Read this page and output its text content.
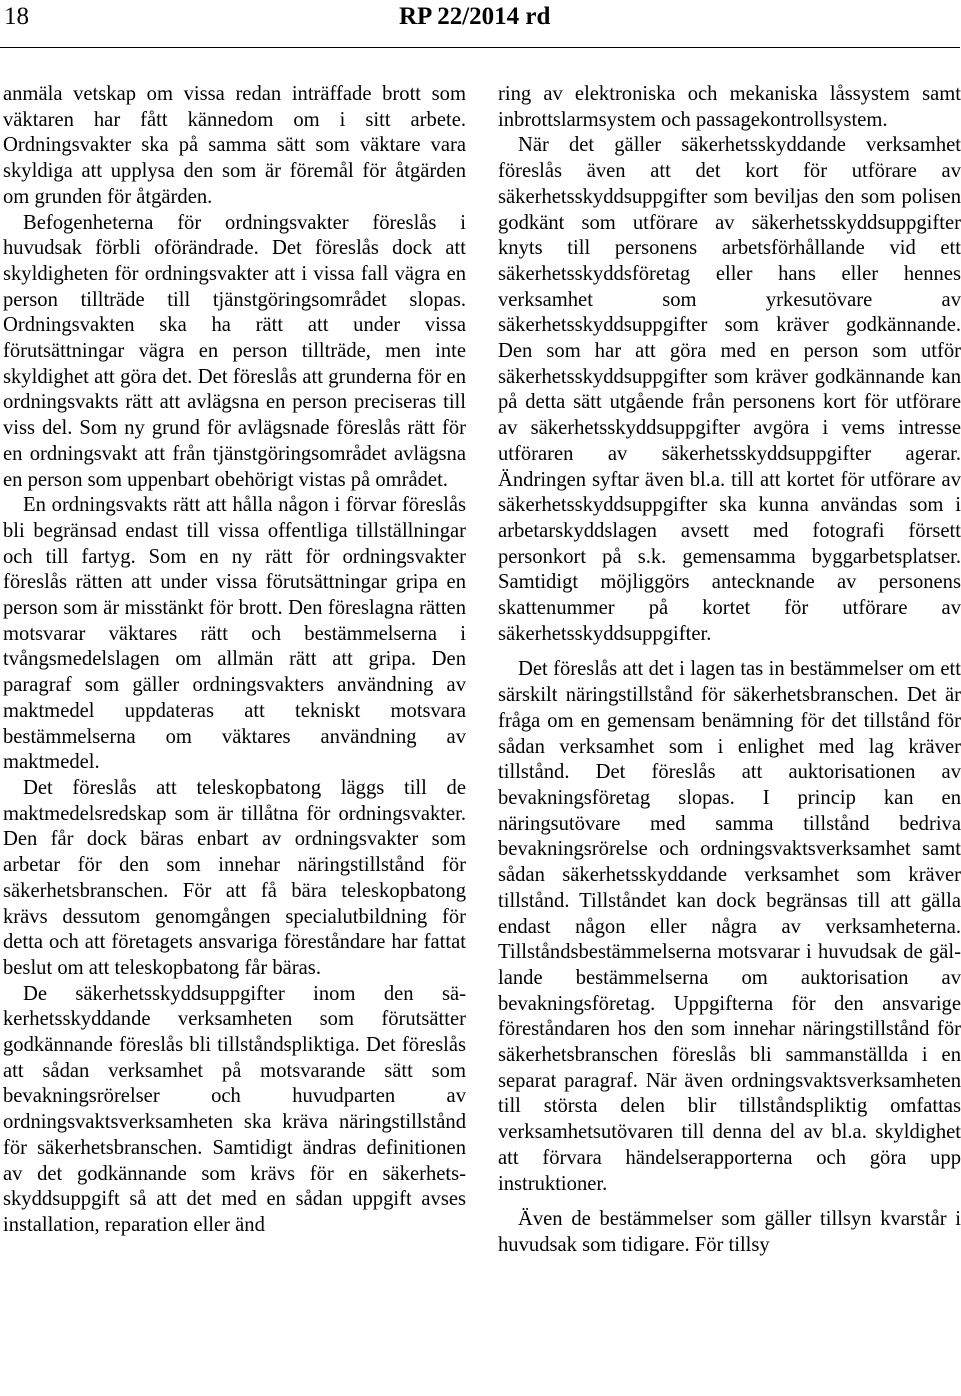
18	RP 22/2014 rd

anmäla vetskap om vissa redan inträffade brott som väktaren har fått kännedom om i sitt arbete. Ordningsvakter ska på samma sätt som väktare vara skyldiga att upplysa den som är föremål för åtgärden om grunden för åtgärden.

Befogenheterna för ordningsvakter föreslås i huvudsak förbli oförändrade. Det föreslås dock att skyldigheten för ordningsvakter att i vissa fall vägra en person tillträde till tjänstgöringsområdet slopas. Ordningsvakten ska ha rätt att under vissa förutsättningar vägra en person tillträde, men inte skyldighet att göra det. Det föreslås att grunderna för en ordningsvakts rätt att avlägsna en person preciseras till viss del. Som ny grund för avlägsnade föreslås rätt för en ordningsvakt att från tjänstgöringsområdet avlägsna en person som uppenbart obehörigt vistas på området.

En ordningsvakts rätt att hålla någon i förvar föreslås bli begränsad endast till vissa offentliga tillställningar och till fartyg. Som en ny rätt för ordningsvakter föreslås rätten att under vissa förutsättningar gripa en person som är misstänkt för brott. Den föreslagna rätten motsvarar väktares rätt och bestämmelserna i tvångsmedelslagen om allmän rätt att gripa. Den paragraf som gäller ordningsvakters användning av maktmedel uppdateras att tekniskt motsvara bestämmelserna om väktares användning av maktmedel.

Det föreslås att teleskopbatong läggs till de maktmedelsredskap som är tillåtna för ordningsvakter. Den får dock bäras enbart av ordningsvakter som arbetar för den som innehar näringstillstånd för säkerhetsbranschen. För att få bära teleskopbatong krävs dessutom genomgången specialutbildning för detta och att företagets ansvariga föreståndare har fattat beslut om att teleskopbatong får bäras.

De säkerhetsskyddsuppgifter inom den säkerhetsskyddande verksamheten som förutsätter godkännande föreslås bli tillståndspliktiga. Det föreslås att sådan verksamhet på motsvarande sätt som bevakningsrörelser och huvudparten av ordningsvaktsverksamheten ska kräva näringstillstånd för säkerhetsbranschen. Samtidigt ändras definitionen av det godkännande som krävs för en säkerhetsskyddsuppgift så att det med en sådan uppgift avses installation, reparation eller änd

ring av elektroniska och mekaniska låssystem samt inbrottslarmsystem och passagekontrollsystem.

När det gäller säkerhetsskyddande verksamhet föreslås även att det kort för utförare av säkerhetsskyddsuppgifter som beviljas den som polisen godkänt som utförare av säkerhetsskyddsuppgifter knyts till personens arbetsförhållande vid ett säkerhetsskyddsföretag eller hans eller hennes verksamhet som yrkesutövare av säkerhetsskyddsuppgifter som kräver godkännande. Den som har att göra med en person som utför säkerhetsskyddsuppgifter som kräver godkännande kan på detta sätt utgående från personens kort för utförare av säkerhetsskyddsuppgifter avgöra i vems intresse utföraren av säkerhetsskyddsuppgifter agerar. Ändringen syftar även bl.a. till att kortet för utförare av säkerhetsskyddsuppgifter ska kunna användas som i arbetarskyddslagen avsett med fotografi försett personkort på s.k. gemensamma byggarbetsplatser. Samtidigt möjliggörs antecknande av personens skattenummer på kortet för utförare av säkerhetsskyddsuppgifter.

Det föreslås att det i lagen tas in bestämmelser om ett särskilt näringstillstånd för säkerhetsbranschen. Det är fråga om en gemensam benämning för det tillstånd för sådan verksamhet som i enlighet med lag kräver tillstånd. Det föreslås att auktorisationen av bevakningsföretag slopas. I princip kan en näringsutövare med samma tillstånd bedriva bevakningsrörelse och ordningsvaktsverksamhet samt sådan säkerhetsskyddande verksamhet som kräver tillstånd. Tillståndet kan dock begränsas till att gälla endast någon eller några av verksamheterna. Tillståndsbestämmelserna motsvarar i huvudsak de gällande bestämmelserna om auktorisation av bevakningsföretag. Uppgifterna för den ansvarige föreståndaren hos den som innehar näringstillstånd för säkerhetsbranschen föreslås bli sammanställda i en separat paragraf. När även ordningsvaktsverksamheten till största delen blir tillståndspliktig omfattas verksamhetsutövaren till denna del av bl.a. skyldighet att förvara händelserapporterna och göra upp instruktioner.

Även de bestämmelser som gäller tillsyn kvarstår i huvudsak som tidigare. För tillsy
